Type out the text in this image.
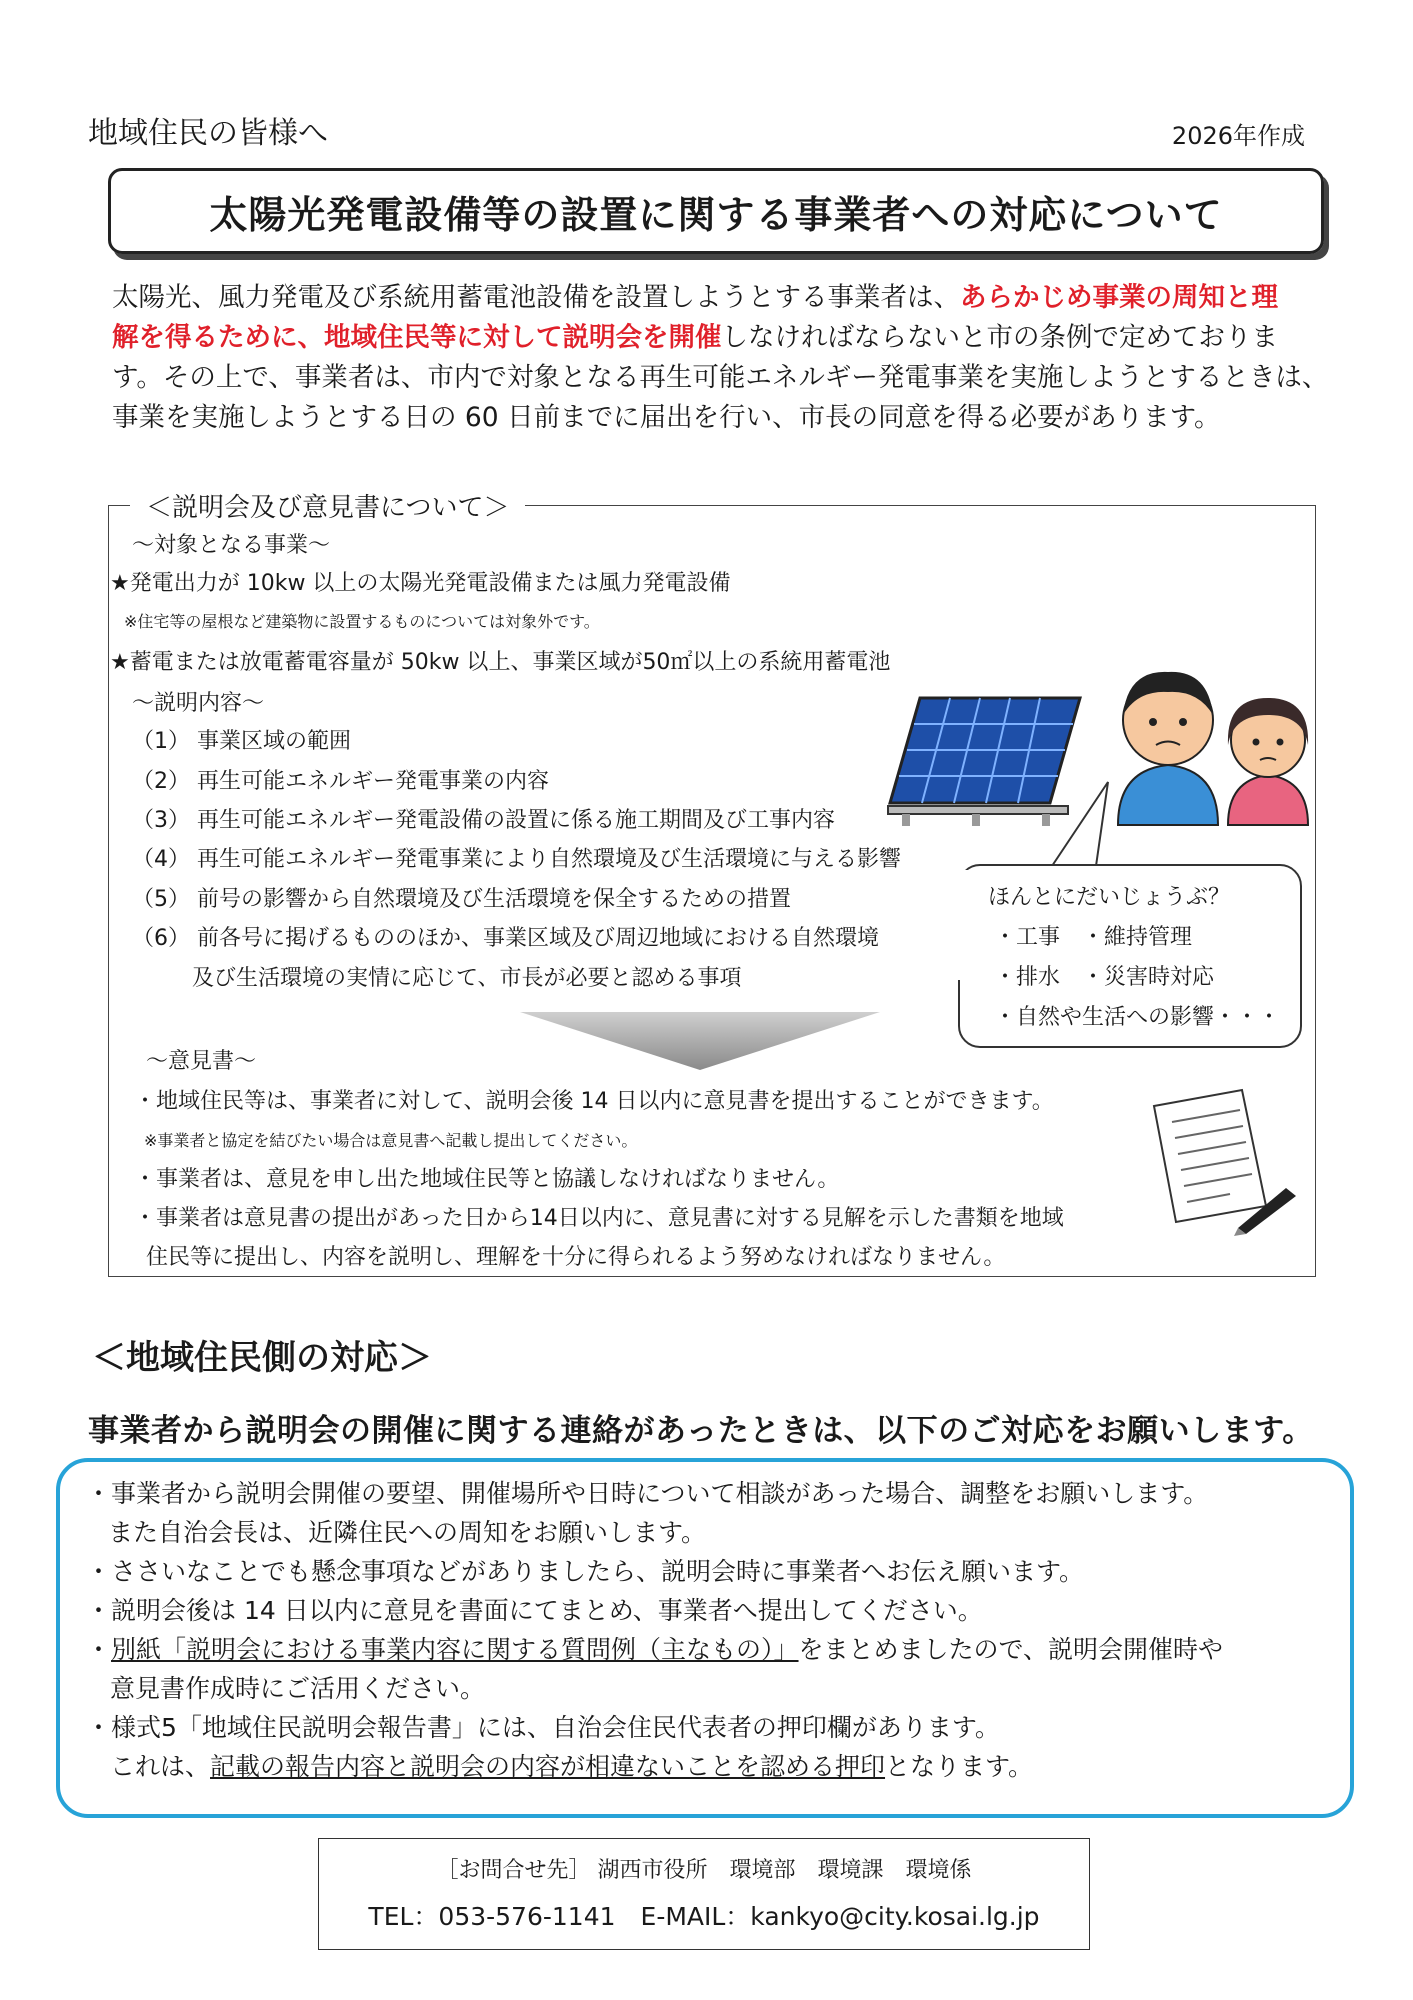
地域住民の皆様へ	2026年作成
太陽光発電設備等の設置に関する事業者への対応について
太陽光、風力発電及び系統用蓄電池設備を設置しようとする事業者は、あらかじめ事業の周知と理
解を得るために、地域住民等に対して説明会を開催しなければならないと市の条例で定めておりま
す。その上で、事業者は、市内で対象となる再生可能エネルギー発電事業を実施しようとするときは、
事業を実施しようとする日の 60 日前までに届出を行い、市長の同意を得る必要があります。
＜説明会及び意見書について＞
～対象となる事業～
★発電出力が 10kw 以上の太陽光発電設備または風力発電設備
※住宅等の屋根など建築物に設置するものについては対象外です。
★蓄電または放電蓄電容量が 50kw 以上、事業区域が50㎡以上の系統用蓄電池
～説明内容～
（1） 事業区域の範囲
（2） 再生可能エネルギー発電事業の内容
（3） 再生可能エネルギー発電設備の設置に係る施工期間及び工事内容
（4） 再生可能エネルギー発電事業により自然環境及び生活環境に与える影響
（5） 前号の影響から自然環境及び生活環境を保全するための措置
（6） 前各号に掲げるもののほか、事業区域及び周辺地域における自然環境
及び生活環境の実情に応じて、市長が必要と認める事項
ほんとにだいじょうぶ？
・工事　・維持管理
・排水　・災害時対応
・自然や生活への影響・・・
～意見書～
・地域住民等は、事業者に対して、説明会後 14 日以内に意見書を提出することができます。
※事業者と協定を結びたい場合は意見書へ記載し提出してください。
・事業者は、意見を申し出た地域住民等と協議しなければなりません。
・事業者は意見書の提出があった日から14日以内に、意見書に対する見解を示した書類を地域
住民等に提出し、内容を説明し、理解を十分に得られるよう努めなければなりません。
＜地域住民側の対応＞
事業者から説明会の開催に関する連絡があったときは、以下のご対応をお願いします。
・事業者から説明会開催の要望、開催場所や日時について相談があった場合、調整をお願いします。
また自治会長は、近隣住民への周知をお願いします。
・ささいなことでも懸念事項などがありましたら、説明会時に事業者へお伝え願います。
・説明会後は 14 日以内に意見を書面にてまとめ、事業者へ提出してください。
・別紙「説明会における事業内容に関する質問例（主なもの）」をまとめましたので、説明会開催時や
意見書作成時にご活用ください。
・様式5「地域住民説明会報告書」には、自治会住民代表者の押印欄があります。
これは、記載の報告内容と説明会の内容が相違ないことを認める押印となります。
［お問合せ先］ 湖西市役所　環境部　環境課　環境係
TEL：053-576-1141　E-MAIL：kankyo@city.kosai.lg.jp
